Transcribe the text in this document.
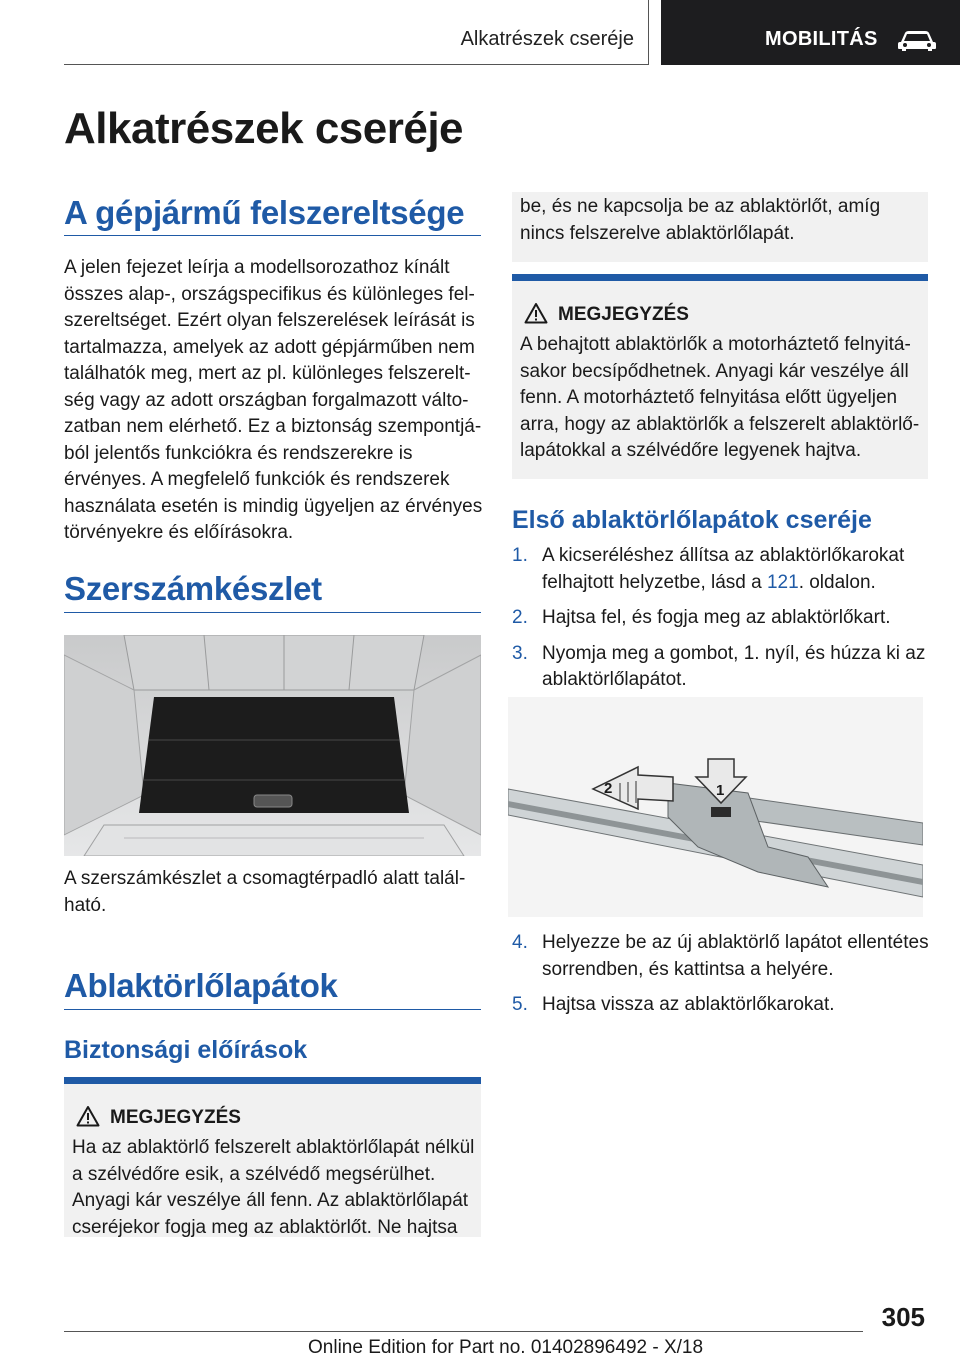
Alkatrészek cseréje	MOBILITÁS
Alkatrészek cseréje
A gépjármű felszereltsége
A jelen fejezet leírja a modellsorozathoz kínált
összes alap-, országspecifikus és különleges fel‐
szereltséget. Ezért olyan felszerelések leírását is
tartalmazza, amelyek az adott gépjárműben nem
találhatók meg, mert az pl. különleges felszerelt‐
ség vagy az adott országban forgalmazott válto‐
zatban nem elérhető. Ez a biztonság szempontjá‐
ból jelentős funkciókra és rendszerekre is
érvényes. A megfelelő funkciók és rendszerek
használata esetén is mindig ügyeljen az érvényes
törvényekre és előírásokra.
Szerszámkészlet
A szerszámkészlet a csomagtérpadló alatt talál‐
ható.
Ablaktörlőlapátok
Biztonsági előírások
MEGJEGYZÉS
Ha az ablaktörlő felszerelt ablaktörlőlapát nélkül
a szélvédőre esik, a szélvédő megsérülhet.
Anyagi kár veszélye áll fenn. Az ablaktörlőlapát
cseréjekor fogja meg az ablaktörlőt. Ne hajtsa
be, és ne kapcsolja be az ablaktörlőt, amíg
nincs felszerelve ablaktörlőlapát.
MEGJEGYZÉS
A behajtott ablaktörlők a motorháztető felnyitá‐
sakor becsípődhetnek. Anyagi kár veszélye áll
fenn. A motorháztető felnyitása előtt ügyeljen
arra, hogy az ablaktörlők a felszerelt ablaktörlő‐
lapátokkal a szélvédőre legyenek hajtva.
Első ablaktörlőlapátok cseréje
1. A kicseréléshez állítsa az ablaktörlőkarokat
felhajtott helyzetbe, lásd a 121. oldalon.
2. Hajtsa fel, és fogja meg az ablaktörlőkart.
3. Nyomja meg a gombot, 1. nyíl, és húzza ki az
ablaktörlőlapátot.
2	1
4. Helyezze be az új ablaktörlő lapátot ellentétes
sorrendben, és kattintsa a helyére.
5. Hajtsa vissza az ablaktörlőkarokat.
305
Online Edition for Part no. 01402896492 - X/18
